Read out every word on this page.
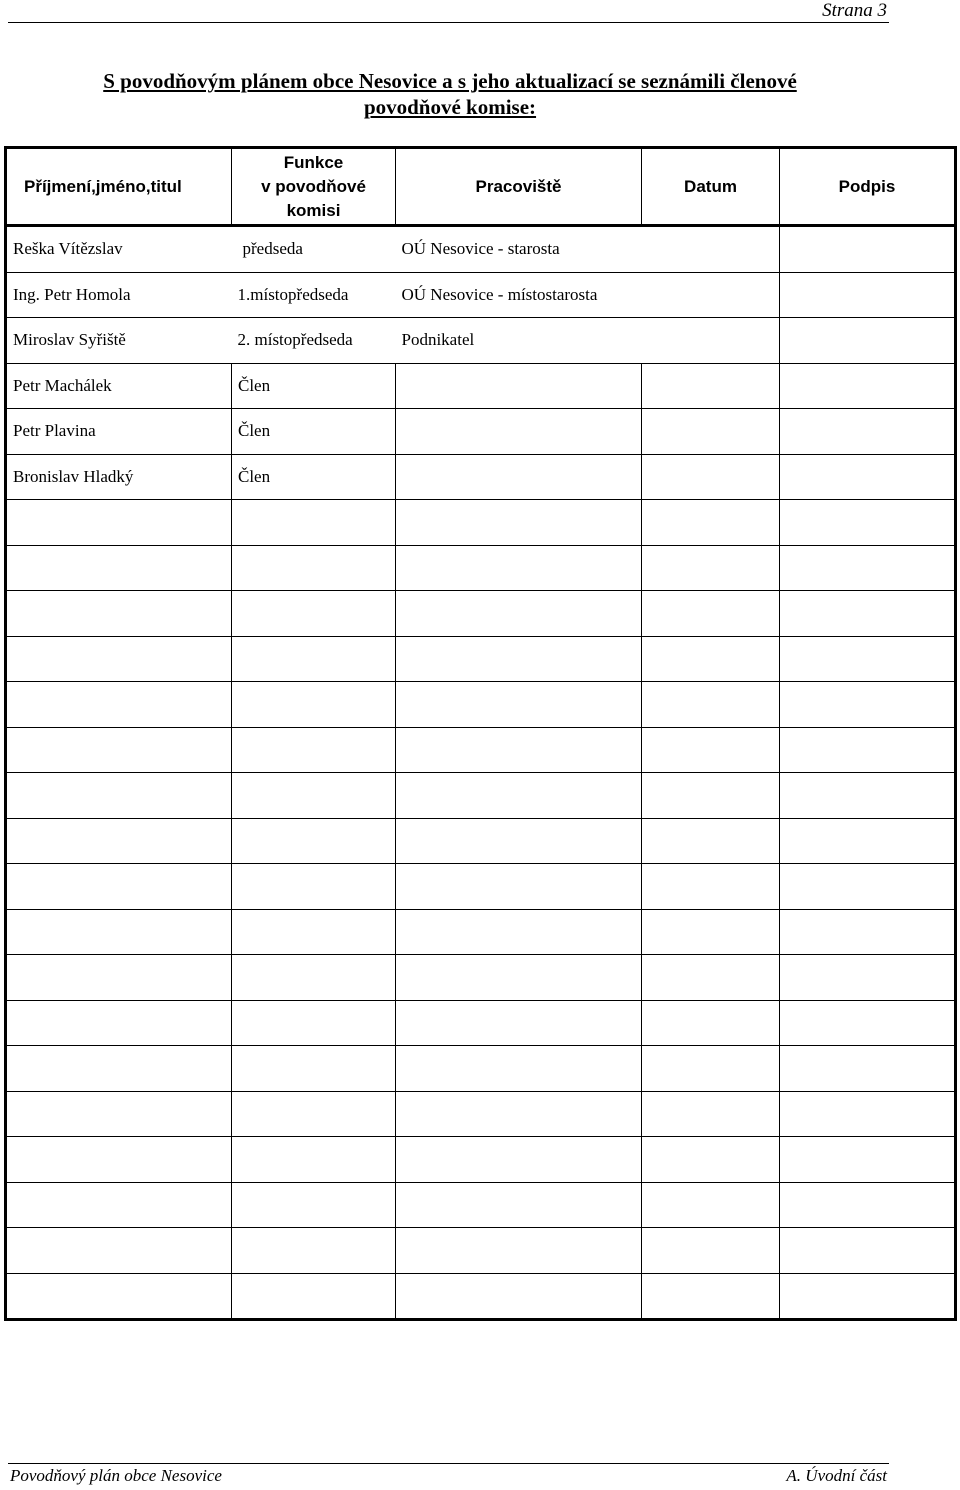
Strana 3
S povodňovým plánem obce Nesovice a s jeho aktualizací se seznámili členové
povodňové komise:
Příjmení,jméno,titul	Funkce
v povodňové
komisi	Pracoviště	Datum	Podpis
Reška Vítězslav	předseda	OÚ Nesovice - starosta		
Ing. Petr Homola	1.místopředseda	OÚ Nesovice - místostarosta		
Miroslav Syřiště	2. místopředseda	Podnikatel		
Petr Machálek	Člen			
Petr Plavina	Člen			
Bronislav Hladký	Člen			

Povodňový plán obce Nesovice	A. Úvodní část
